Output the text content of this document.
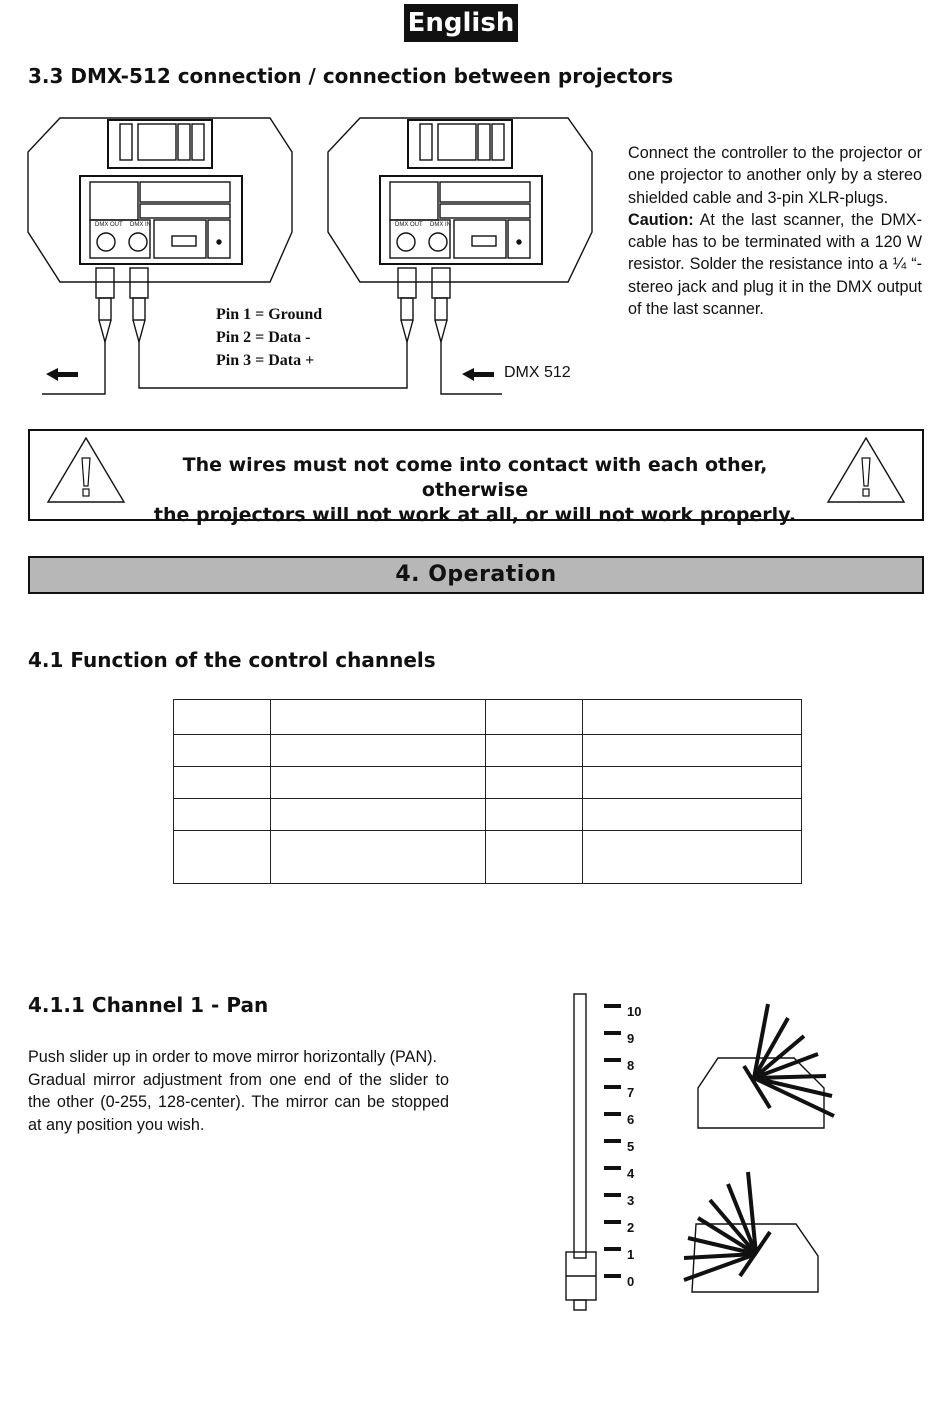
English
3.3 DMX-512 connection / connection between projectors
DMX OUT DMX IN	DMX OUT DMX IN
Pin 1 = Ground
Pin 2 = Data -
Pin 3 = Data +
DMX 512

Connect the controller to the projector or one projector to another only by a stereo shielded cable and 3-pin XLR-plugs.

Caution: At the last scanner, the DMX-cable has to be terminated with a 120 W resistor. Solder the resistance into a ¼ “-stereo jack and plug it in the DMX output of the last scanner.

The wires must not come into contact with each other, otherwise
the projectors will not work at all, or will not work properly.
4. Operation
4.1 Function of the control channels

4.1.1 Channel 1 - Pan

Push slider up in order to move mirror horizontally (PAN).

Gradual mirror adjustment from one end of the slider to the other (0-255, 128-center). The mirror can be stopped at any position you wish.

10
9
8
7
6
5
4
3
2
1
0
